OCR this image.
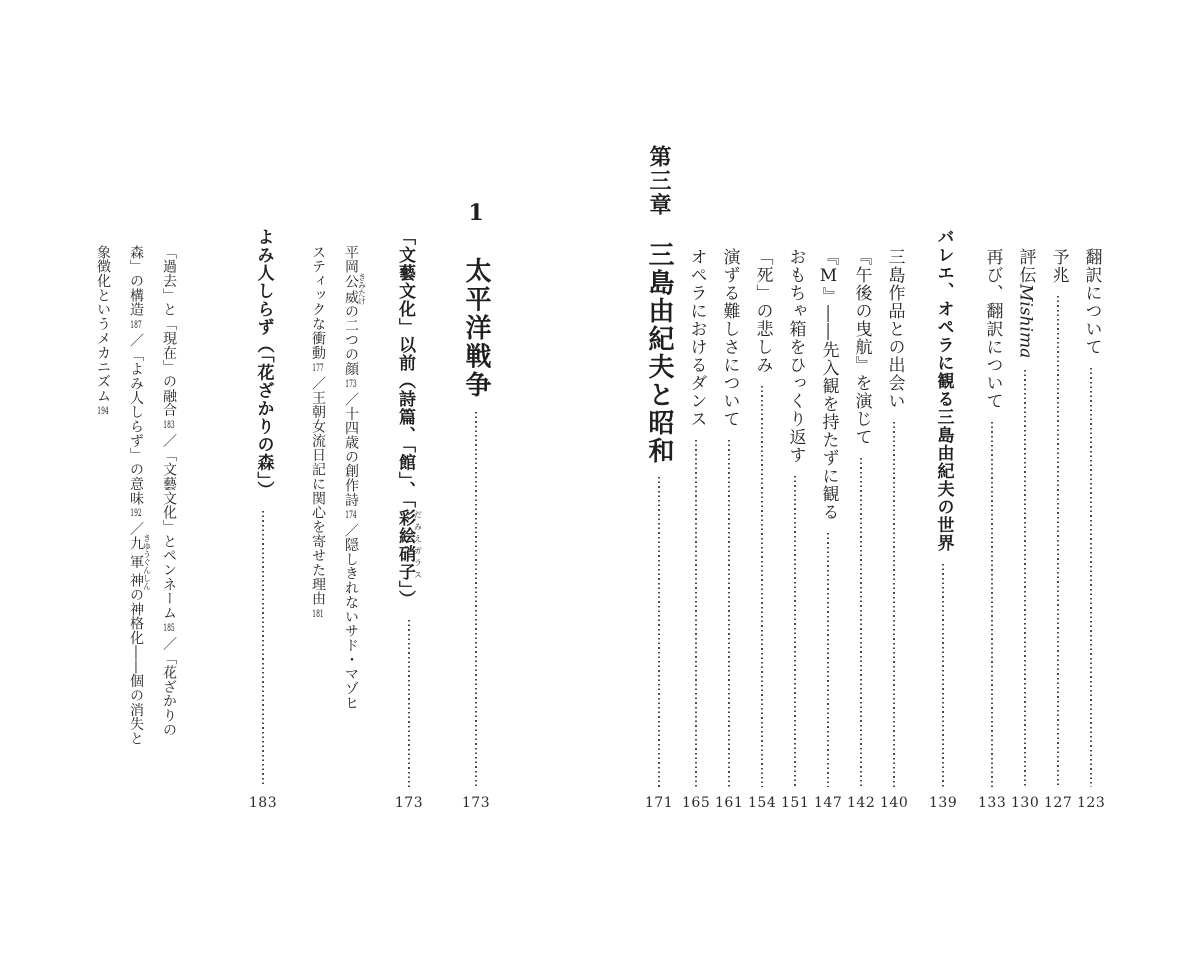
翻訳について
123
予兆
127
評伝Mishima
130
再び、翻訳について
133
バレエ、オペラに観る三島由紀夫の世界
139
三島作品との出会い
140
『午後の曳航』を演じて
142
『M』――先入観を持たずに観る
147
おもちゃ箱をひっくり返す
151
「死」の悲しみ
154
演ずる難しさについて
161
オペラにおけるダンス
165
第三章　三島由紀夫と昭和
171
1　太平洋戦争
173
「文藝文化」以前（詩篇、「館」、「彩絵だみえ硝子ガラス」）
173
平岡公威きみたけの二つの顔173／十四歳の創作詩174／隠しきれないサド・マゾヒスティックな衝動177／王朝女流日記に関心を寄せた理由181
よみ人しらず（「花ざかりの森」）
183
「過去」と「現在」の融合183／「文藝文化」とペンネーム185／「花ざかりの森」の構造187／「よみ人しらず」の意味192／九軍神きゆうぐんしんの神格化――個の消失と象徴化というメカニズム194
